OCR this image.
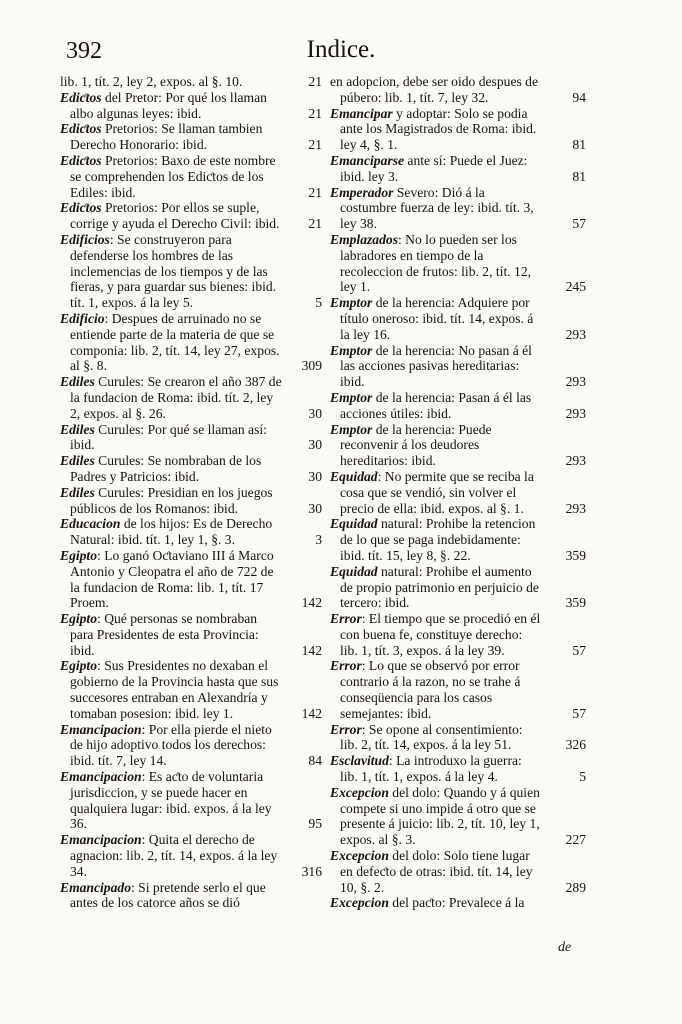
392	Indice.
lib. 1, tít. 2, ley 2, expos. al §. 10.	21
Ediƈtos del Pretor: Por qué los llaman albo algunas leyes: ibid.	21
Ediƈtos Pretorios: Se llaman tambien Derecho Honorario: ibid.	21
Ediƈtos Pretorios: Baxo de este nombre se comprehenden los Ediƈtos de los Ediles: ibid.	21
Ediƈtos Pretorios: Por ellos se suple, corrige y ayuda el Derecho Civil: ibid. 21
Edificios: Se construyeron para defenderse los hombres de las inclemencias de los tiempos y de las fieras, y para guardar sus bienes: ibid. tít. 1, expos. á la ley 5.	5
Edificio: Despues de arruinado no se entiende parte de la materia de que se componia: lib. 2, tít. 14, ley 27, expos. al §. 8.	309
Ediles Curules: Se crearon el año 387 de la fundacion de Roma: ibid. tít. 2, ley 2, expos. al §. 26.	30
Ediles Curules: Por qué se llaman así: ibid.	30
Ediles Curules: Se nombraban de los Padres y Patricios: ibid.	30
Ediles Curules: Presidian en los juegos públicos de los Romanos: ibid.	30
Educacion de los hijos: Es de Derecho Natural: ibid. tít. 1, ley 1, §. 3.	3
Egipto: Lo ganó Oƈtaviano III á Marco Antonio y Cleopatra el año de 722 de la fundacion de Roma: lib. 1, tít. 17 Proem.	142
Egipto: Qué personas se nombraban para Presidentes de esta Provincia: ibid.	142
Egipto: Sus Presidentes no dexaban el gobierno de la Provincia hasta que sus succesores entraban en Alexandría y tomaban posesion: ibid. ley 1.	142
Emancipacion: Por ella pierde el nieto de hijo adoptivo todos los derechos: ibid. tít. 7, ley 14.	84
Emancipacion: Es aƈto de voluntaria jurisdiccion, y se puede hacer en qualquiera lugar: ibid. expos. á la ley 36.	95
Emancipacion: Quita el derecho de agnacion: lib. 2, tít. 14, expos. á la ley 34.	316
Emancipado: Si pretende serlo el que antes de los catorce años se dió
en adopcion, debe ser oido despues de púbero: lib. 1, tít. 7, ley 32.	94
Emancipar y adoptar: Solo se podia ante los Magistrados de Roma: ibid. ley 4, §. 1.	81
Emanciparse ante sí: Puede el Juez: ibid. ley 3.	81
Emperador Severo: Dió á la costumbre fuerza de ley: ibid. tít. 3, ley 38.	57
Emplazados: No lo pueden ser los labradores en tiempo de la recoleccion de frutos: lib. 2, tít. 12, ley 1.	245
Emptor de la herencia: Adquiere por título oneroso: ibid. tít. 14, expos. á la ley 16.	293
Emptor de la herencia: No pasan á él las acciones pasivas hereditarias: ibid.	293
Emptor de la herencia: Pasan á él las acciones útiles: ibid.	293
Emptor de la herencia: Puede reconvenir á los deudores hereditarios: ibid.	293
Equidad: No permite que se reciba la cosa que se vendió, sin volver el precio de ella: ibid. expos. al §. 1.	293
Equidad natural: Prohibe la retencion de lo que se paga indebidamente: ibid. tít. 15, ley 8, §. 22.	359
Equidad natural: Prohibe el aumento de propio patrimonio en perjuicio de tercero: ibid.	359
Error: El tiempo que se procedió en él con buena fe, constituye derecho: lib. 1, tít. 3, expos. á la ley 39.	57
Error: Lo que se observó por error contrario á la razon, no se trahe á conseqüencia para los casos semejantes: ibid.	57
Error: Se opone al consentimiento: lib. 2, tít. 14, expos. á la ley 51.	326
Esclavitud: La introduxo la guerra: lib. 1, tít. 1, expos. á la ley 4.	5
Excepcion del dolo: Quando y á quien compete si uno impide á otro que se presente á juicio: lib. 2, tít. 10, ley 1, expos. al §. 3.	227
Excepcion del dolo: Solo tiene lugar en defeƈto de otras: ibid. tít. 14, ley 10, §. 2.	289
Excepcion del paƈto: Prevalece á la
de
